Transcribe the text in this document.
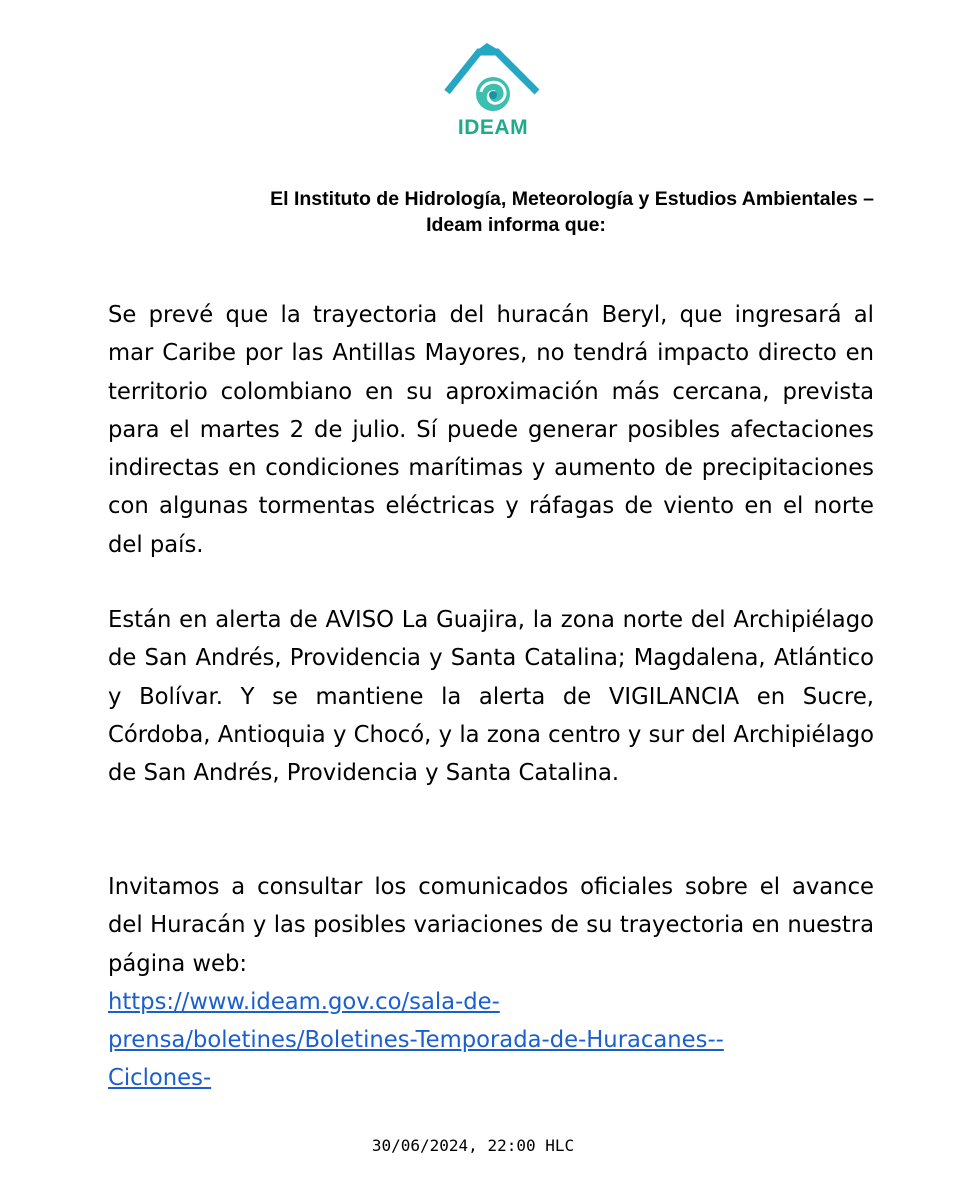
IDEAM
El Instituto de Hidrología, Meteorología y Estudios Ambientales –
Ideam informa que:

Se prevé que la trayectoria del huracán Beryl, que ingresará al mar Caribe por las Antillas Mayores, no tendrá impacto directo en territorio colombiano en su aproximación más cercana, prevista para el martes 2 de julio. Sí puede generar posibles afectaciones indirectas en condiciones marítimas y aumento de precipitaciones con algunas tormentas eléctricas y ráfagas de viento en el norte del país.

Están en alerta de AVISO La Guajira, la zona norte del Archipiélago de San Andrés, Providencia y Santa Catalina; Magdalena, Atlántico y Bolívar. Y se mantiene la alerta de VIGILANCIA en Sucre, Córdoba, Antioquia y Chocó, y la zona centro y sur del Archipiélago de San Andrés, Providencia y Santa Catalina.

Invitamos a consultar los comunicados oficiales sobre el avance del Huracán y las posibles variaciones de su trayectoria en nuestra página web:
https://www.ideam.gov.co/sala-de-
prensa/boletines/Boletines-Temporada-de-Huracanes--
Ciclones-
30/06/2024, 22:00 HLC
